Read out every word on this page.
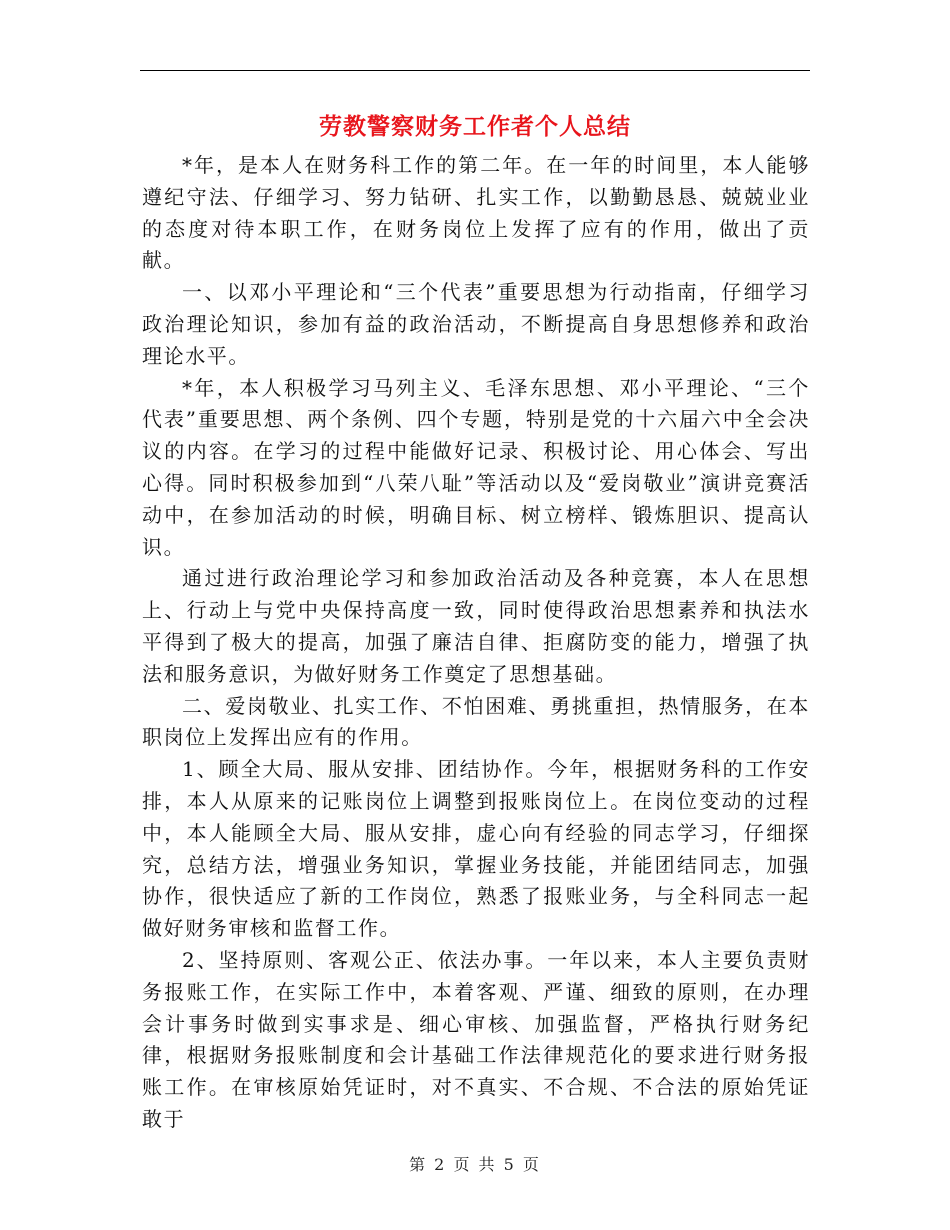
劳教警察财务工作者个人总结

*年，是本人在财务科工作的第二年。在一年的时间里，本人能够遵纪守法、仔细学习、努力钻研、扎实工作，以勤勤恳恳、兢兢业业的态度对待本职工作，在财务岗位上发挥了应有的作用，做出了贡献。

一、以邓小平理论和“三个代表”重要思想为行动指南，仔细学习政治理论知识，参加有益的政治活动，不断提高自身思想修养和政治理论水平。

*年，本人积极学习马列主义、毛泽东思想、邓小平理论、“三个代表”重要思想、两个条例、四个专题，特别是党的十六届六中全会决议的内容。在学习的过程中能做好记录、积极讨论、用心体会、写出心得。同时积极参加到“八荣八耻”等活动以及“爱岗敬业”演讲竞赛活动中，在参加活动的时候，明确目标、树立榜样、锻炼胆识、提高认识。

通过进行政治理论学习和参加政治活动及各种竞赛，本人在思想上、行动上与党中央保持高度一致，同时使得政治思想素养和执法水平得到了极大的提高，加强了廉洁自律、拒腐防变的能力，增强了执法和服务意识，为做好财务工作奠定了思想基础。

二、爱岗敬业、扎实工作、不怕困难、勇挑重担，热情服务，在本职岗位上发挥出应有的作用。

1、顾全大局、服从安排、团结协作。今年，根据财务科的工作安排，本人从原来的记账岗位上调整到报账岗位上。在岗位变动的过程中，本人能顾全大局、服从安排，虚心向有经验的同志学习，仔细探究，总结方法，增强业务知识，掌握业务技能，并能团结同志，加强协作，很快适应了新的工作岗位，熟悉了报账业务，与全科同志一起做好财务审核和监督工作。

2、坚持原则、客观公正、依法办事。一年以来，本人主要负责财务报账工作，在实际工作中，本着客观、严谨、细致的原则，在办理会计事务时做到实事求是、细心审核、加强监督，严格执行财务纪律，根据财务报账制度和会计基础工作法律规范化的要求进行财务报账工作。在审核原始凭证时，对不真实、不合规、不合法的原始凭证敢于

第 2 页 共 5 页
